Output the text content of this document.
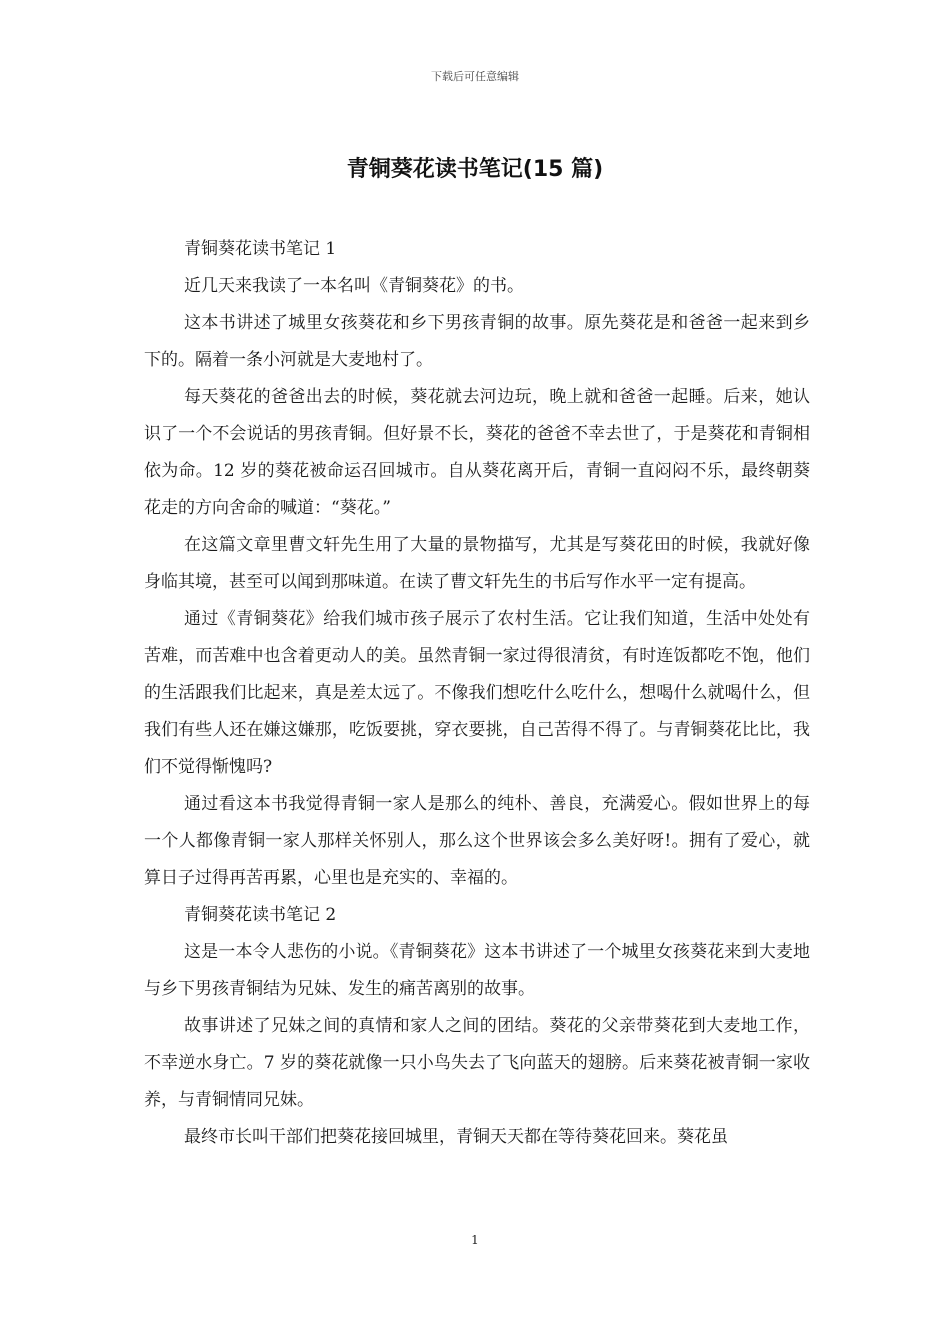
下载后可任意编辑
青铜葵花读书笔记(15 篇)

青铜葵花读书笔记 1

近几天来我读了一本名叫《青铜葵花》的书。

这本书讲述了城里女孩葵花和乡下男孩青铜的故事。原先葵花是和爸爸一起来到乡下的。隔着一条小河就是大麦地村了。

每天葵花的爸爸出去的时候，葵花就去河边玩，晚上就和爸爸一起睡。后来，她认识了一个不会说话的男孩青铜。但好景不长，葵花的爸爸不幸去世了，于是葵花和青铜相依为命。12 岁的葵花被命运召回城市。自从葵花离开后，青铜一直闷闷不乐，最终朝葵花走的方向舍命的喊道：“葵花。”

在这篇文章里曹文轩先生用了大量的景物描写，尤其是写葵花田的时候，我就好像身临其境，甚至可以闻到那味道。在读了曹文轩先生的书后写作水平一定有提高。

通过《青铜葵花》给我们城市孩子展示了农村生活。它让我们知道，生活中处处有苦难，而苦难中也含着更动人的美。虽然青铜一家过得很清贫，有时连饭都吃不饱，他们的生活跟我们比起来，真是差太远了。不像我们想吃什么吃什么，想喝什么就喝什么，但我们有些人还在嫌这嫌那，吃饭要挑，穿衣要挑，自己苦得不得了。与青铜葵花比比，我们不觉得惭愧吗?

通过看这本书我觉得青铜一家人是那么的纯朴、善良，充满爱心。假如世界上的每一个人都像青铜一家人那样关怀别人，那么这个世界该会多么美好呀!。拥有了爱心，就算日子过得再苦再累，心里也是充实的、幸福的。

青铜葵花读书笔记 2

这是一本令人悲伤的小说。《青铜葵花》这本书讲述了一个城里女孩葵花来到大麦地与乡下男孩青铜结为兄妹、发生的痛苦离别的故事。

故事讲述了兄妹之间的真情和家人之间的团结。葵花的父亲带葵花到大麦地工作，不幸逆水身亡。7 岁的葵花就像一只小鸟失去了飞向蓝天的翅膀。后来葵花被青铜一家收养，与青铜情同兄妹。

最终市长叫干部们把葵花接回城里，青铜天天都在等待葵花回来。葵花虽

1
